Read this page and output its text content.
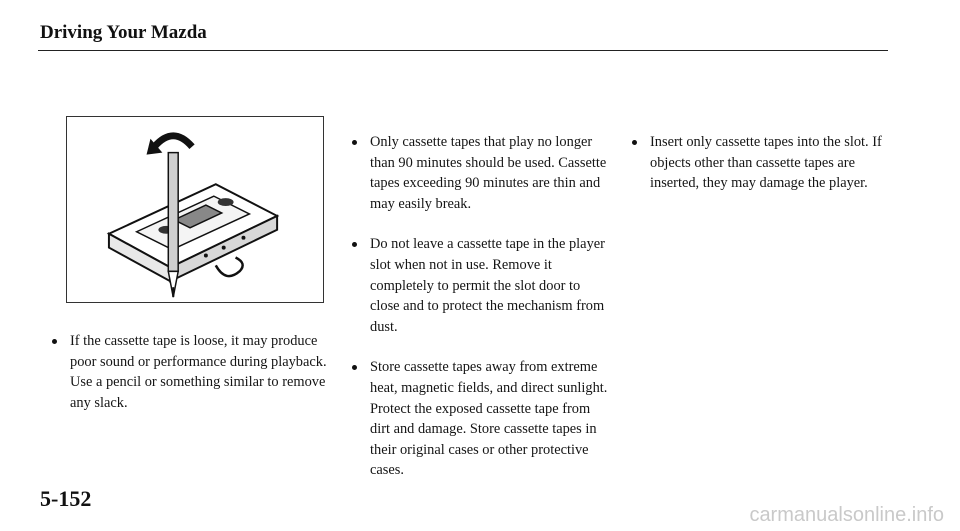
Driving Your Mazda
If the cassette tape is loose, it may produce poor sound or performance during playback. Use a pencil or something similar to remove any slack.
Only cassette tapes that play no longer than 90 minutes should be used. Cassette tapes exceeding 90 minutes are thin and may easily break.
Do not leave a cassette tape in the player slot when not in use. Remove it completely to permit the slot door to close and to protect the mechanism from dust.
Store cassette tapes away from extreme heat, magnetic fields, and direct sunlight. Protect the exposed cassette tape from dirt and damage. Store cassette tapes in their original cases or other protective cases.
Insert only cassette tapes into the slot. If objects other than cassette tapes are inserted, they may damage the player.
5-152
carmanualsonline.info
